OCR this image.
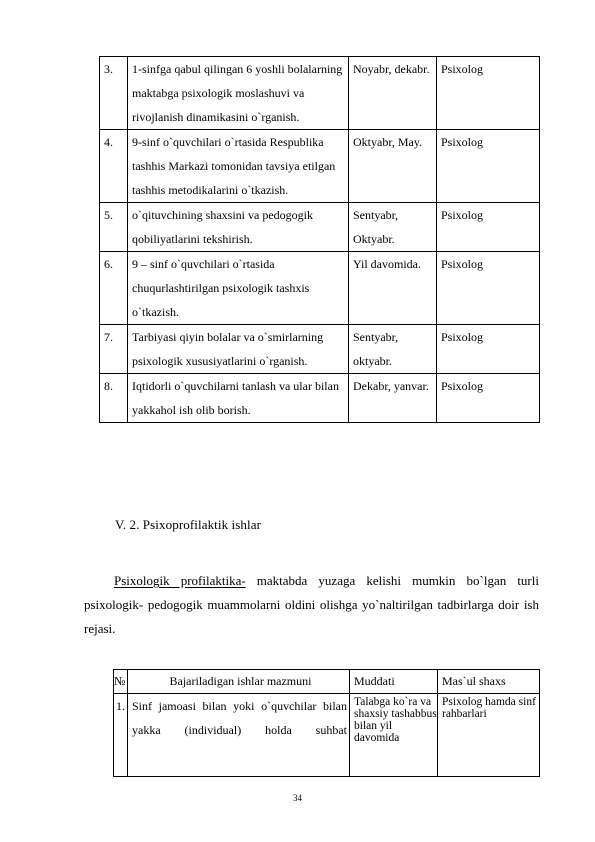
3.	1-sinfga qabul qilingan 6 yoshli bolalarning maktabga psixologik moslashuvi va rivojlanish dinamikasini o`rganish.	Noyabr, dekabr.	Psixolog
4.	9-sinf o`quvchilari o`rtasida Respublika tashhis Markazi tomonidan tavsiya etilgan tashhis metodikalarini o`tkazish.	Oktyabr, May.	Psixolog
5.	o`qituvchining shaxsini va pedogogik qobiliyatlarini tekshirish.	Sentyabr, Oktyabr.	Psixolog
6.	9 – sinf o`quvchilari o`rtasida chuqurlashtirilgan psixologik tashxis o`tkazish.	Yil davomida.	Psixolog
7.	Tarbiyasi qiyin bolalar va o`smirlarning psixologik xususiyatlarini o`rganish.	Sentyabr, oktyabr.	Psixolog
8.	Iqtidorli o`quvchilarni tanlash va ular bilan yakkahol ish olib borish.	Dekabr, yanvar.	Psixolog
V. 2. Psixoprofilaktik ishlar
Psixologik profilaktika- maktabda yuzaga kelishi mumkin bo`lgan turli psixologik- pedogogik muammolarni oldini olishga yo`naltirilgan tadbirlarga doir ish rejasi.
№	Bajariladigan ishlar mazmuni	Muddati	Mas`ul shaxs
1.	Sinf jamoasi bilan yoki o`quvchilar bilan yakka (individual) holda suhbat	Talabga ko`ra va shaxsiy tashabbus bilan yil davomida	Psixolog hamda sinf rahbarlari
34
